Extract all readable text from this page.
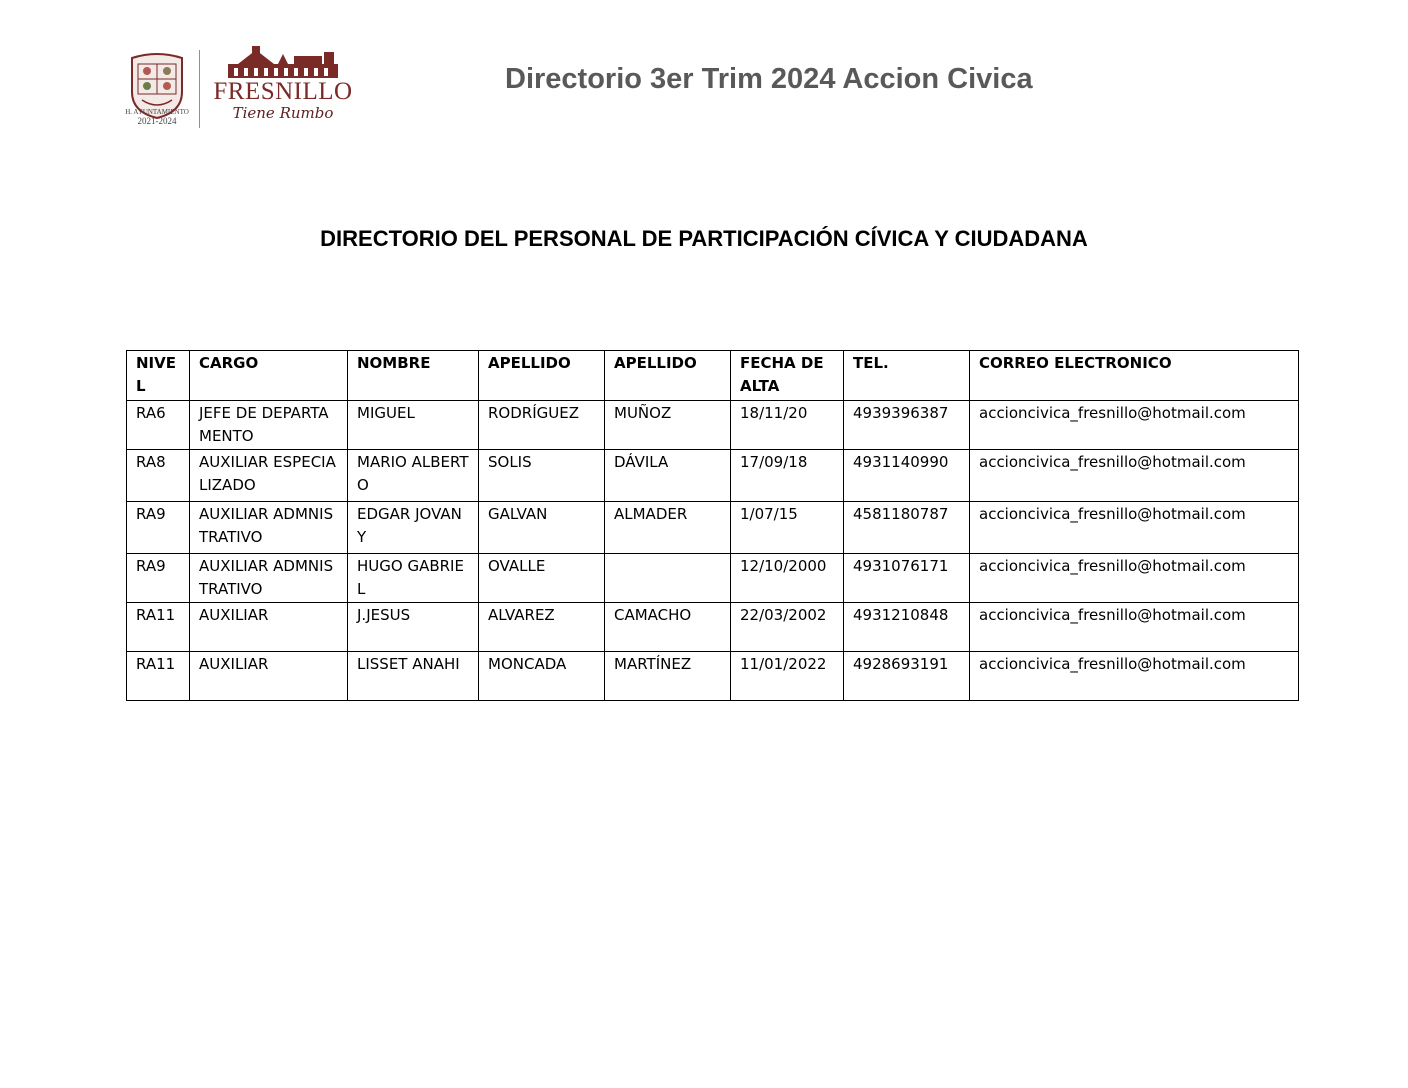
H. AYUNTAMIENTO
2021-2024
FRESNILLO
Tiene Rumbo
Directorio 3er Trim 2024 Accion Civica
DIRECTORIO DEL PERSONAL DE PARTICIPACIÓN CÍVICA Y CIUDADANA
NIVEL	CARGO	NOMBRE	APELLIDO	APELLIDO	FECHA DE ALTA	TEL.	CORREO ELECTRONICO
RA6	JEFE DE DEPARTAMENTO	MIGUEL	RODRÍGUEZ	MUÑOZ	18/11/20	4939396387	accioncivica_fresnillo@hotmail.com
RA8	AUXILIAR ESPECIALIZADO	MARIO ALBERTO	SOLIS	DÁVILA	17/09/18	4931140990	accioncivica_fresnillo@hotmail.com
RA9	AUXILIAR ADMNISTRATIVO	EDGAR JOVANY	GALVAN	ALMADER	1/07/15	4581180787	accioncivica_fresnillo@hotmail.com
RA9	AUXILIAR ADMNISTRATIVO	HUGO GABRIEL	OVALLE		12/10/2000	4931076171	accioncivica_fresnillo@hotmail.com
RA11	AUXILIAR	J.JESUS	ALVAREZ	CAMACHO	22/03/2002	4931210848	accioncivica_fresnillo@hotmail.com
RA11	AUXILIAR	LISSET ANAHI	MONCADA	MARTÍNEZ	11/01/2022	4928693191	accioncivica_fresnillo@hotmail.com
